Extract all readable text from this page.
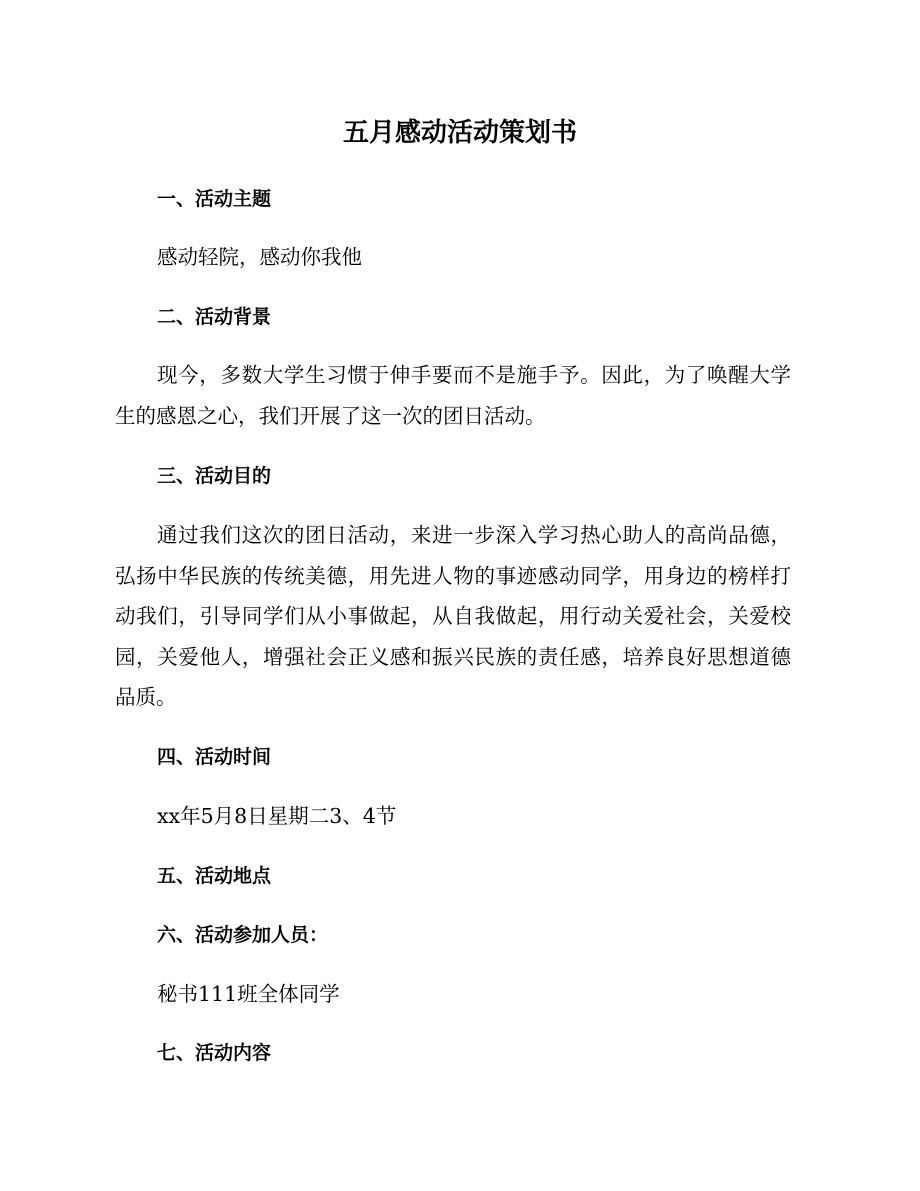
五月感动活动策划书
一、活动主题
感动轻院，感动你我他
二、活动背景
现今，多数大学生习惯于伸手要而不是施手予。因此，为了唤醒大学生的感恩之心，我们开展了这一次的团日活动。
三、活动目的
通过我们这次的团日活动，来进一步深入学习热心助人的高尚品德，弘扬中华民族的传统美德，用先进人物的事迹感动同学，用身边的榜样打动我们，引导同学们从小事做起，从自我做起，用行动关爱社会，关爱校园，关爱他人，增强社会正义感和振兴民族的责任感，培养良好思想道德品质。
四、活动时间
xx年5月8日星期二3、4节
五、活动地点
六、活动参加人员：
秘书111班全体同学
七、活动内容
